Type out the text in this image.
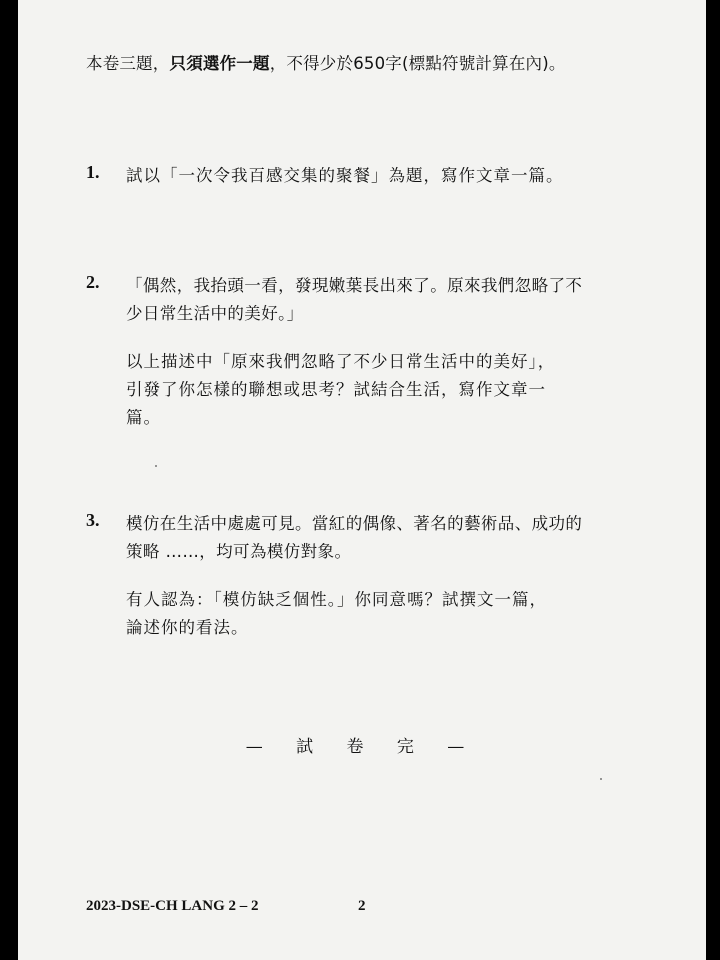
本卷三題，只須選作一題，不得少於650字(標點符號計算在內)。
1. 試以「一次令我百感交集的聚餐」為題，寫作文章一篇。
2. 「偶然，我抬頭一看，發現嫩葉長出來了。原來我們忽略了不
少日常生活中的美好。」
以上描述中「原來我們忽略了不少日常生活中的美好」，
引發了你怎樣的聯想或思考？試結合生活，寫作文章一
篇。
3. 模仿在生活中處處可見。當紅的偶像、著名的藝術品、成功的
策略 ……，均可為模仿對象。
有人認為：「模仿缺乏個性。」你同意嗎？試撰文一篇，
論述你的看法。
— 試 卷 完 —
2023-DSE-CH LANG 2 – 2	2
